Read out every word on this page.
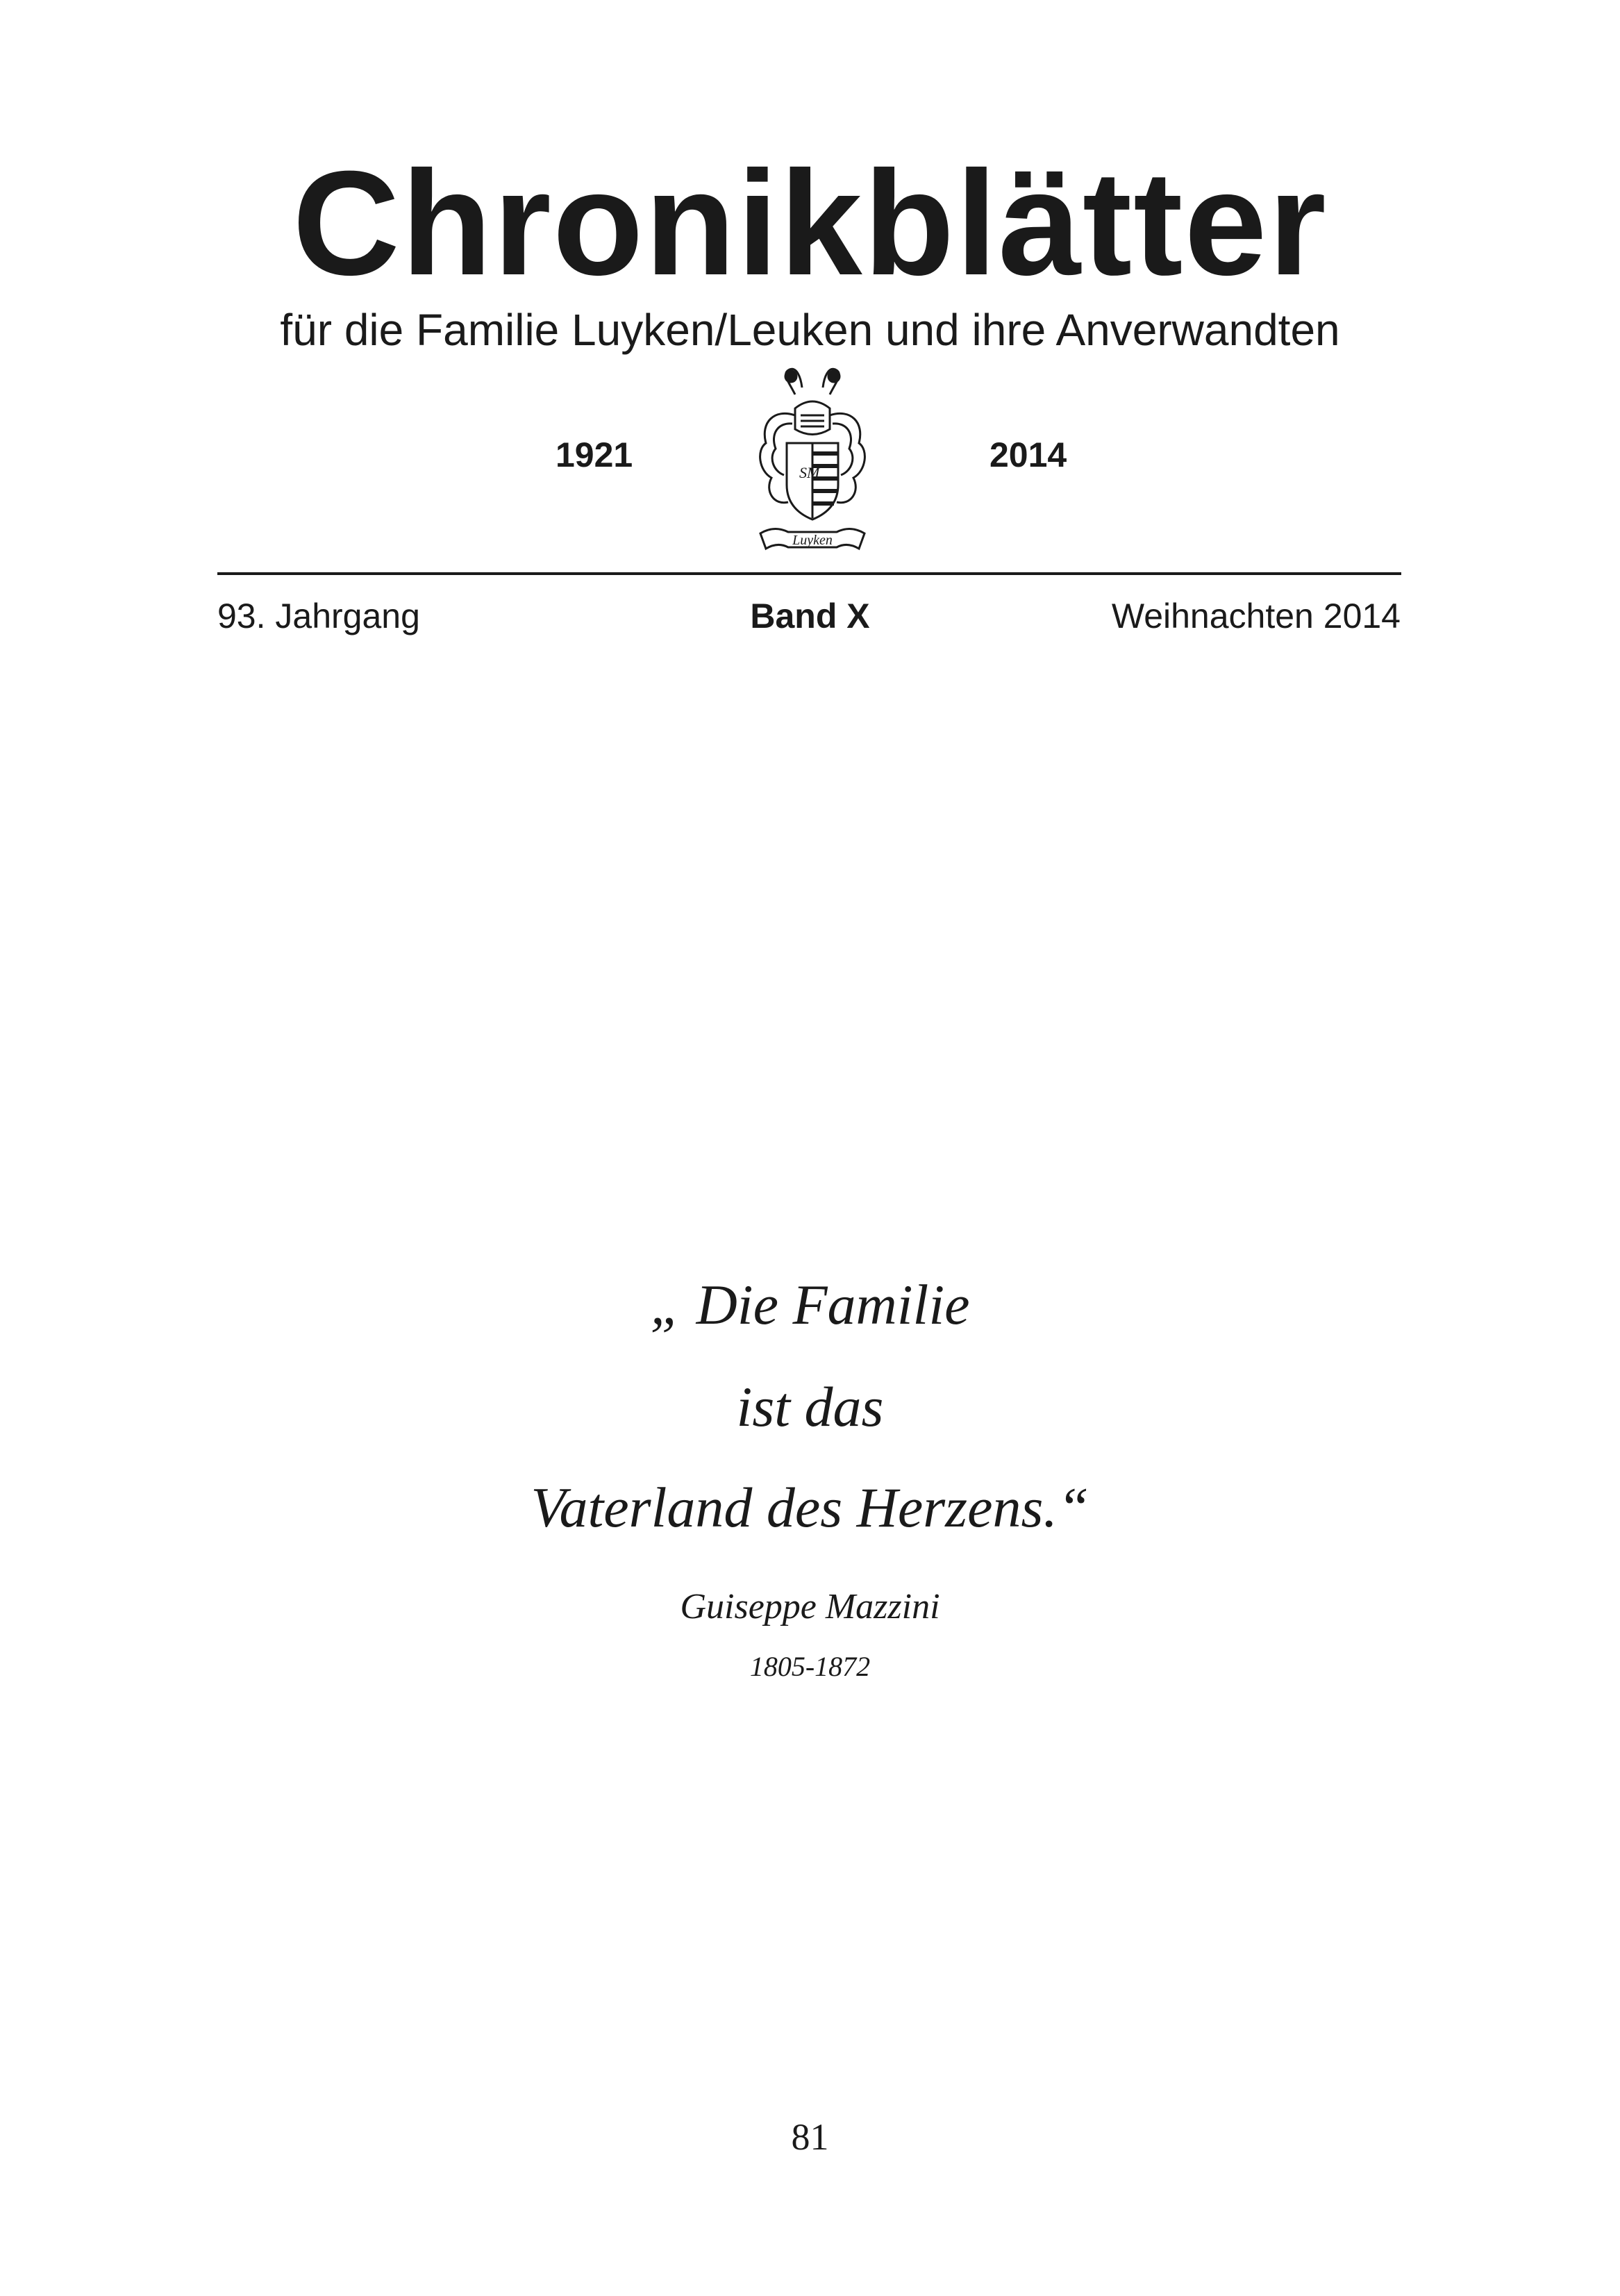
Chronikblätter
für die Familie Luyken/Leuken und ihre Anverwandten
1921	SM
Luyken
2014
93. Jahrgang	Band X	Weihnachten 2014
„ Die Familie
ist das
Vaterland des Herzens.“
Guiseppe Mazzini
1805-1872
81
